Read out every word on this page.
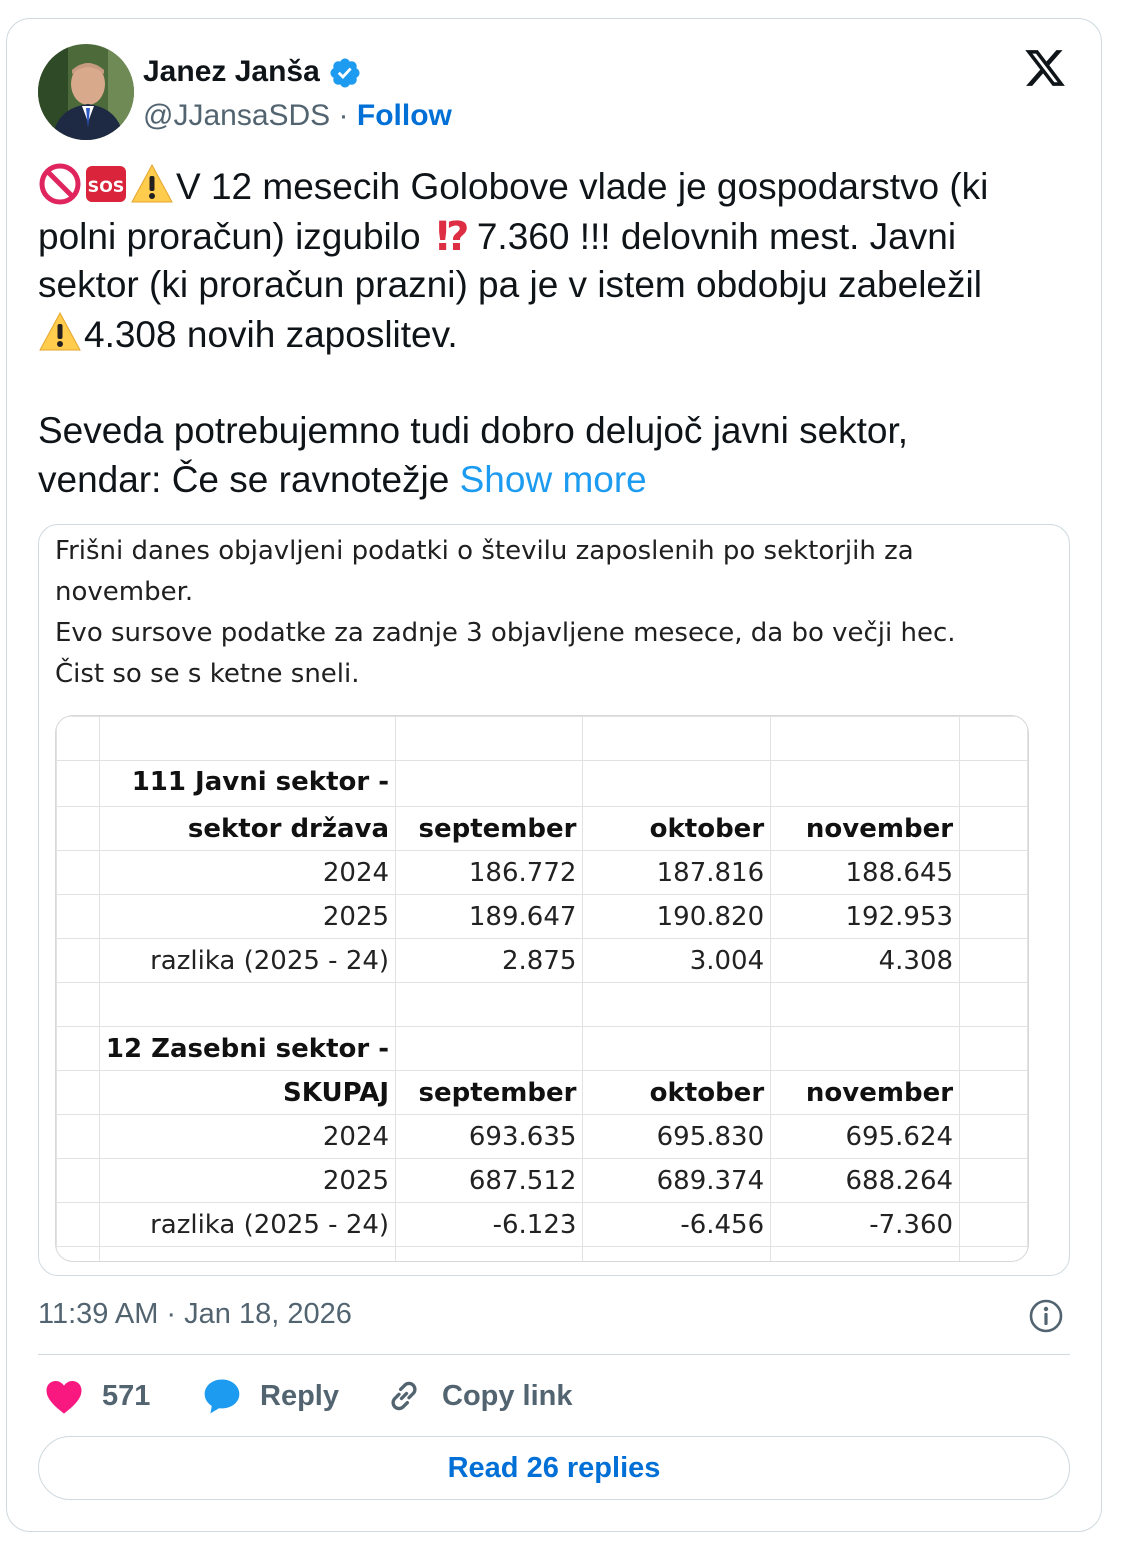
Janez Janša
@JJansaSDS · Follow
SOS V 12 mesecih Golobove vlade je gospodarstvo (ki
polni proračun) izgubilo ⁉ 7.360 !!! delovnih mest. Javni
sektor (ki proračun prazni) pa je v istem obdobju zabeležil
4.308 novih zaposlitev.
Seveda potrebujemno tudi dobro delujoč javni sektor,
vendar: Če se ravnotežje Show more
Frišni danes objavljeni podatki o številu zaposlenih po sektorjih za
november.
Evo sursove podatke za zadnje 3 objavljene mesece, da bo večji hec.
Čist so se s ketne sneli.

	111 Javni sektor -				
	sektor država	september	oktober	november	
	2024	186.772	187.816	188.645	
	2025	189.647	190.820	192.953	
	razlika (2025 - 24)	2.875	3.004	4.308	

	12 Zasebni sektor -				
	SKUPAJ	september	oktober	november	
	2024	693.635	695.830	695.624	
	2025	687.512	689.374	688.264	
	razlika (2025 - 24)	-6.123	-6.456	-7.360	

11:39 AM · Jan 18, 2026
571	Reply	Copy link
Read 26 replies
